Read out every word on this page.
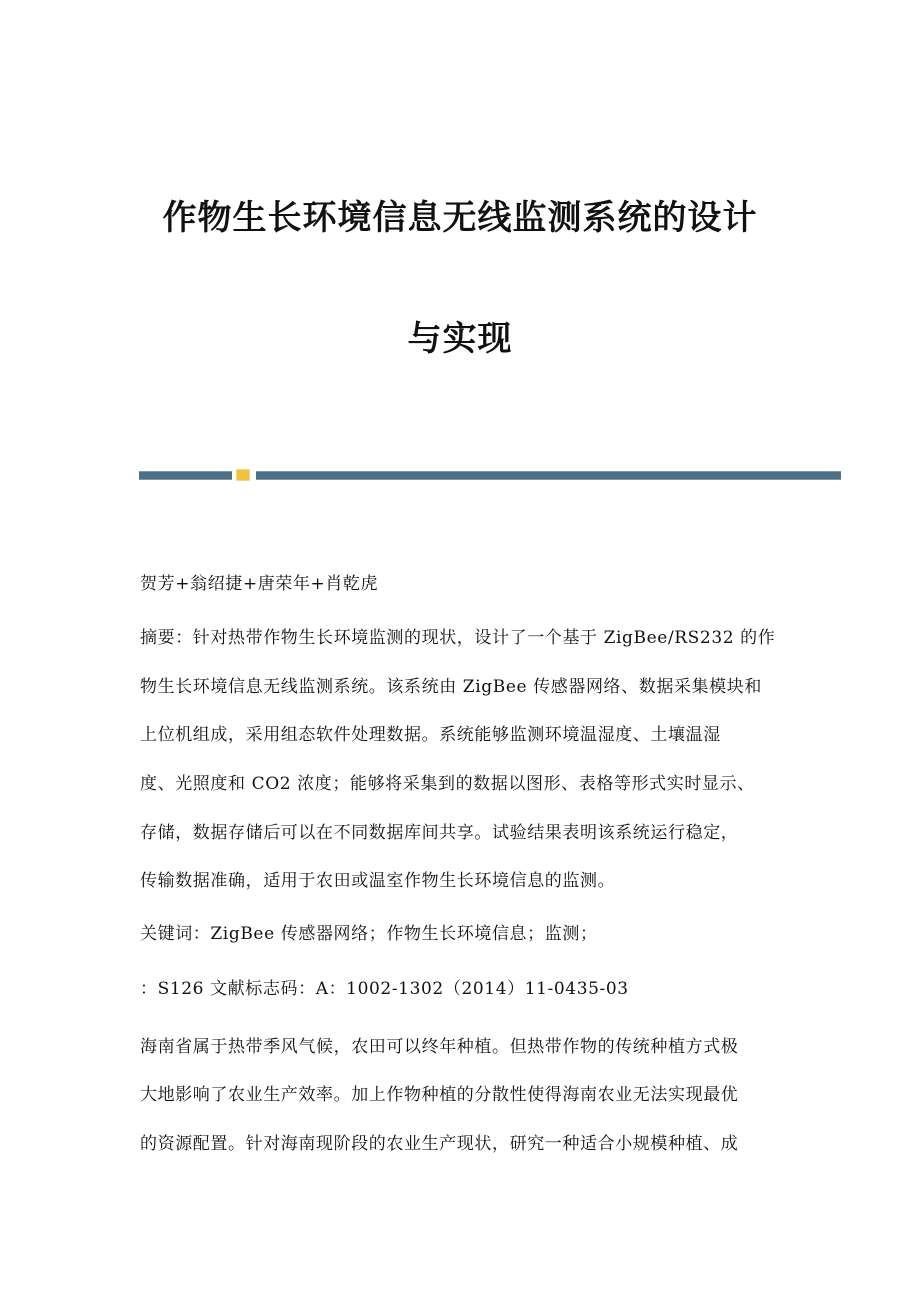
作物生长环境信息无线监测系统的设计
与实现
贺芳+翁绍捷+唐荣年+肖乾虎
摘要：针对热带作物生长环境监测的现状，设计了一个基于 ZigBee/RS232 的作
物生长环境信息无线监测系统。该系统由 ZigBee 传感器网络、数据采集模块和
上位机组成，采用组态软件处理数据。系统能够监测环境温湿度、土壤温湿
度、光照度和 CO2 浓度；能够将采集到的数据以图形、表格等形式实时显示、
存储，数据存储后可以在不同数据库间共享。试验结果表明该系统运行稳定，
传输数据准确，适用于农田或温室作物生长环境信息的监测。
关键词：ZigBee 传感器网络；作物生长环境信息；监测；
：S126 文献标志码：A：1002-1302（2014）11-0435-03
海南省属于热带季风气候，农田可以终年种植。但热带作物的传统种植方式极
大地影响了农业生产效率。加上作物种植的分散性使得海南农业无法实现最优
的资源配置。针对海南现阶段的农业生产现状，研究一种适合小规模种植、成
